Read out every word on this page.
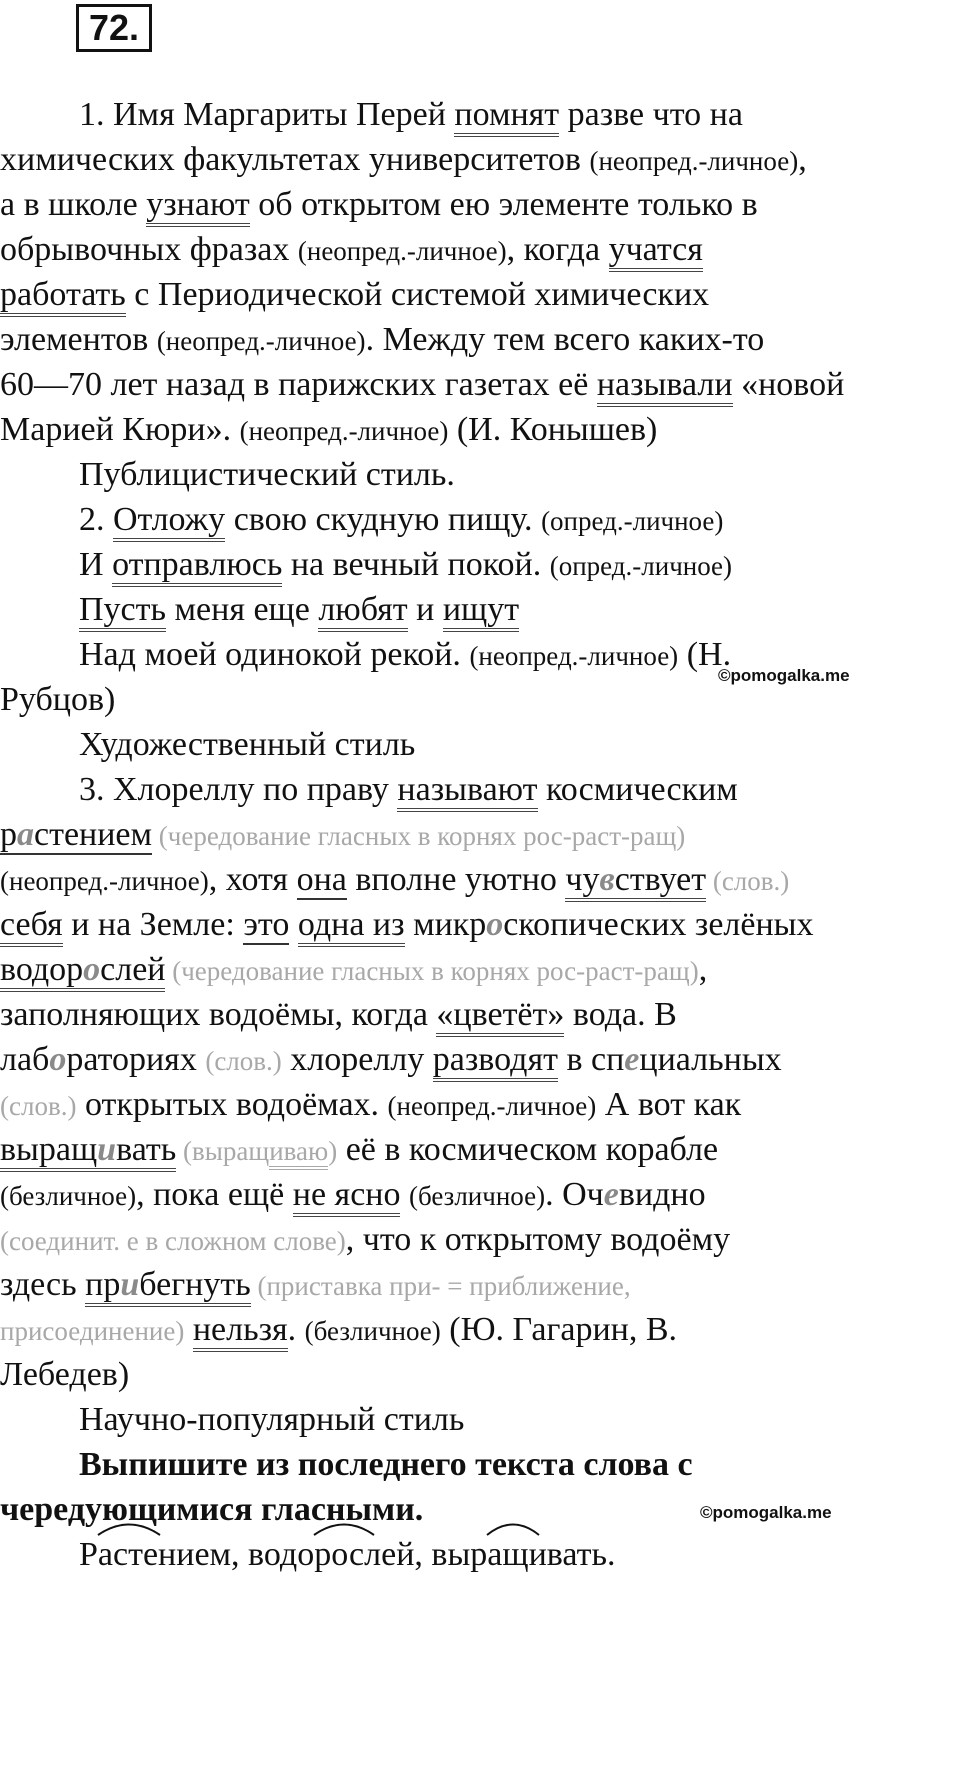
72.
1. Имя Маргариты Перей помнят разве что на
химических факультетах университетов (неопред.-личное),
а в школе узнают об открытом ею элементе только в
обрывочных фразах (неопред.-личное), когда учатся
работать с Периодической системой химических
элементов (неопред.-личное). Между тем всего каких-то
60—70 лет назад в парижских газетах её называли «новой
Марией Кюри». (неопред.-личное) (И. Конышев)
Публицистический стиль.
2. Отложу свою скудную пищу. (опред.-личное)
И отправлюсь на вечный покой. (опред.-личное)
Пусть меня еще любят и ищут
Над моей одинокой рекой. (неопред.-личное) (Н.
©pomogalka.me
Рубцов)
Художественный стиль
3. Хлореллу по праву называют космическим
растением (чередование гласных в корнях рос-раст-ращ)
(неопред.-личное), хотя она вполне уютно чувствует (слов.)
себя и на Земле: это одна из микроскопических зелёных
водорослей (чередование гласных в корнях рос-раст-ращ),
заполняющих водоёмы, когда «цветёт» вода. В
лабораториях (слов.) хлореллу разводят в специальных
(слов.) открытых водоёмах. (неопред.-личное) А вот как
выращивать (выращиваю) её в космическом корабле
(безличное), пока ещё не ясно (безличное). Очевидно
(соединит. е в сложном слове), что к открытому водоёму
здесь прибегнуть (приставка при- = приближение,
присоединение) нельзя. (безличное) (Ю. Гагарин, В.
Лебедев)
Научно-популярный стиль
Выпишите из последнего текста слова с
чередующимися гласными.	©pomogalka.me
Р
астением, водо
рослей, выр
ащивать.
